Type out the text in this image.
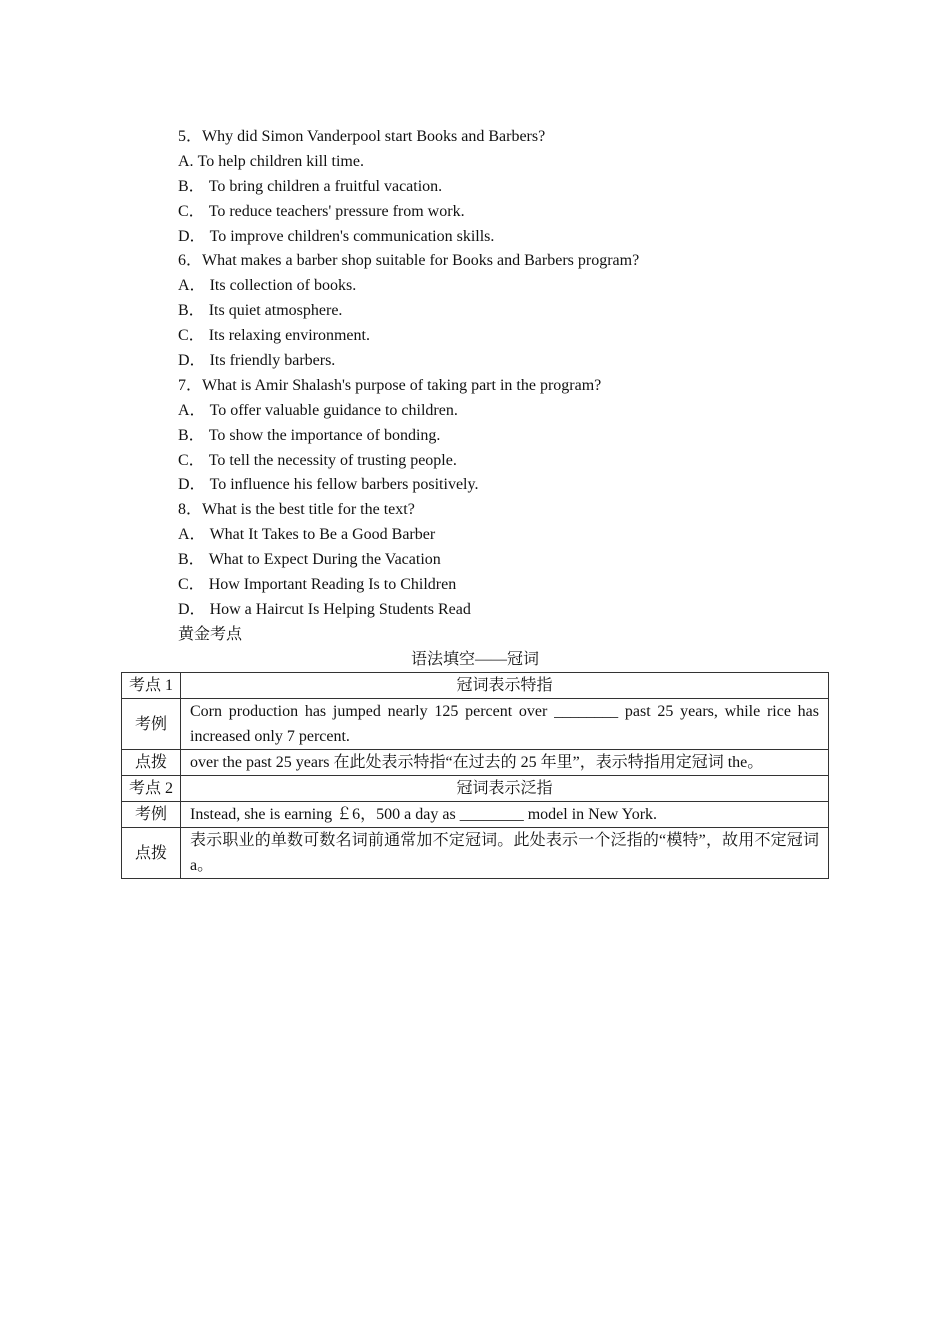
5．Why did Simon Vanderpool start Books and Barbers?
A. To help children kill time.
B． To bring children a fruitful vacation.
C． To reduce teachers' pressure from work.
D． To improve children's communication skills.
6．What makes a barber shop suitable for Books and Barbers program?
A． Its collection of books.
B． Its quiet atmosphere.
C． Its relaxing environment.
D． Its friendly barbers.
7．What is Amir Shalash's purpose of taking part in the program?
A． To offer valuable guidance to children.
B． To show the importance of bonding.
C． To tell the necessity of trusting people.
D． To influence his fellow barbers positively.
8．What is the best title for the text?
A． What It Takes to Be a Good Barber
B． What to Expect During the Vacation
C． How Important Reading Is to Children
D． How a Haircut Is Helping Students Read
黄金考点
语法填空——冠词
考点 1	冠词表示特指
考例	Corn production has jumped nearly 125 percent over ________ past 25 years, while rice has increased only 7 percent.
点拨	over the past 25 years 在此处表示特指“在过去的 25 年里”，表示特指用定冠词 the。
考点 2	冠词表示泛指
考例	Instead, she is earning ￡6，500 a day as ________ model in New York.
点拨	表示职业的单数可数名词前通常加不定冠词。此处表示一个泛指的“模特”，故用不定冠词 a。
